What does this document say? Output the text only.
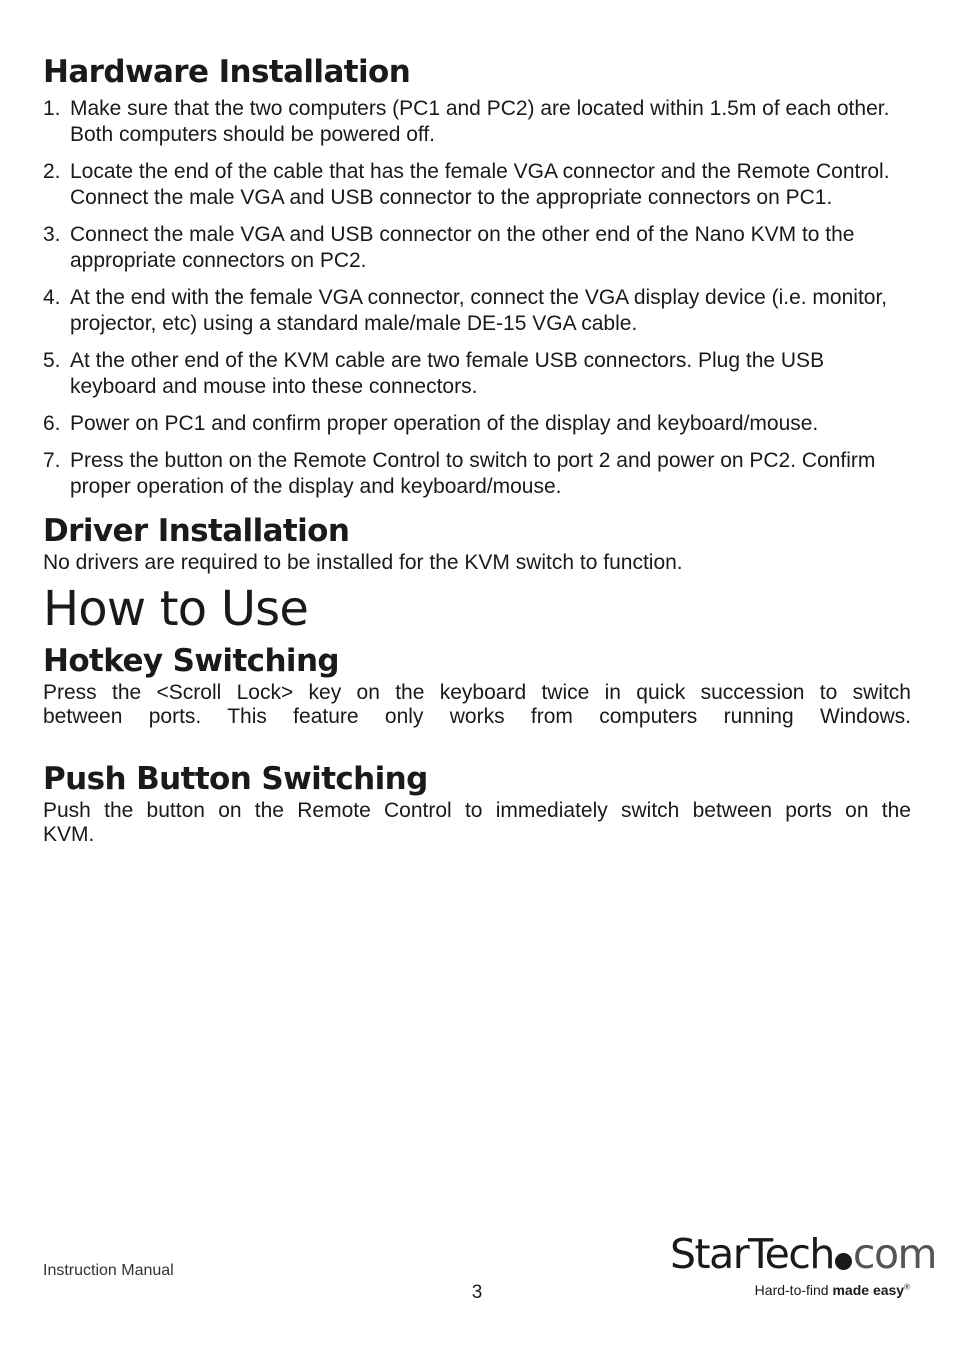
Hardware Installation
1. Make sure that the two computers (PC1 and PC2) are located within 1.5m of each other. Both computers should be powered off.
2. Locate the end of the cable that has the female VGA connector and the Remote Control. Connect the male VGA and USB connector to the appropriate connectors on PC1.
3. Connect the male VGA and USB connector on the other end of the Nano KVM to the appropriate connectors on PC2.
4. At the end with the female VGA connector, connect the VGA display device (i.e. monitor, projector, etc) using a standard male/male DE-15 VGA cable.
5. At the other end of the KVM cable are two female USB connectors. Plug the USB keyboard and mouse into these connectors.
6. Power on PC1 and confirm proper operation of the display and keyboard/mouse.
7. Press the button on the Remote Control to switch to port 2 and power on PC2. Confirm proper operation of the display and keyboard/mouse.
Driver Installation

No drivers are required to be installed for the KVM switch to function.

How to Use
Hotkey Switching

Press the <Scroll Lock> key on the keyboard twice in quick succession to switch

between ports. This feature only works from computers running Windows.

Push Button Switching

Push the button on the Remote Control to immediately switch between ports on the

KVM.

Instruction Manual
3
StarTech com
Hard-to-find made easy®
